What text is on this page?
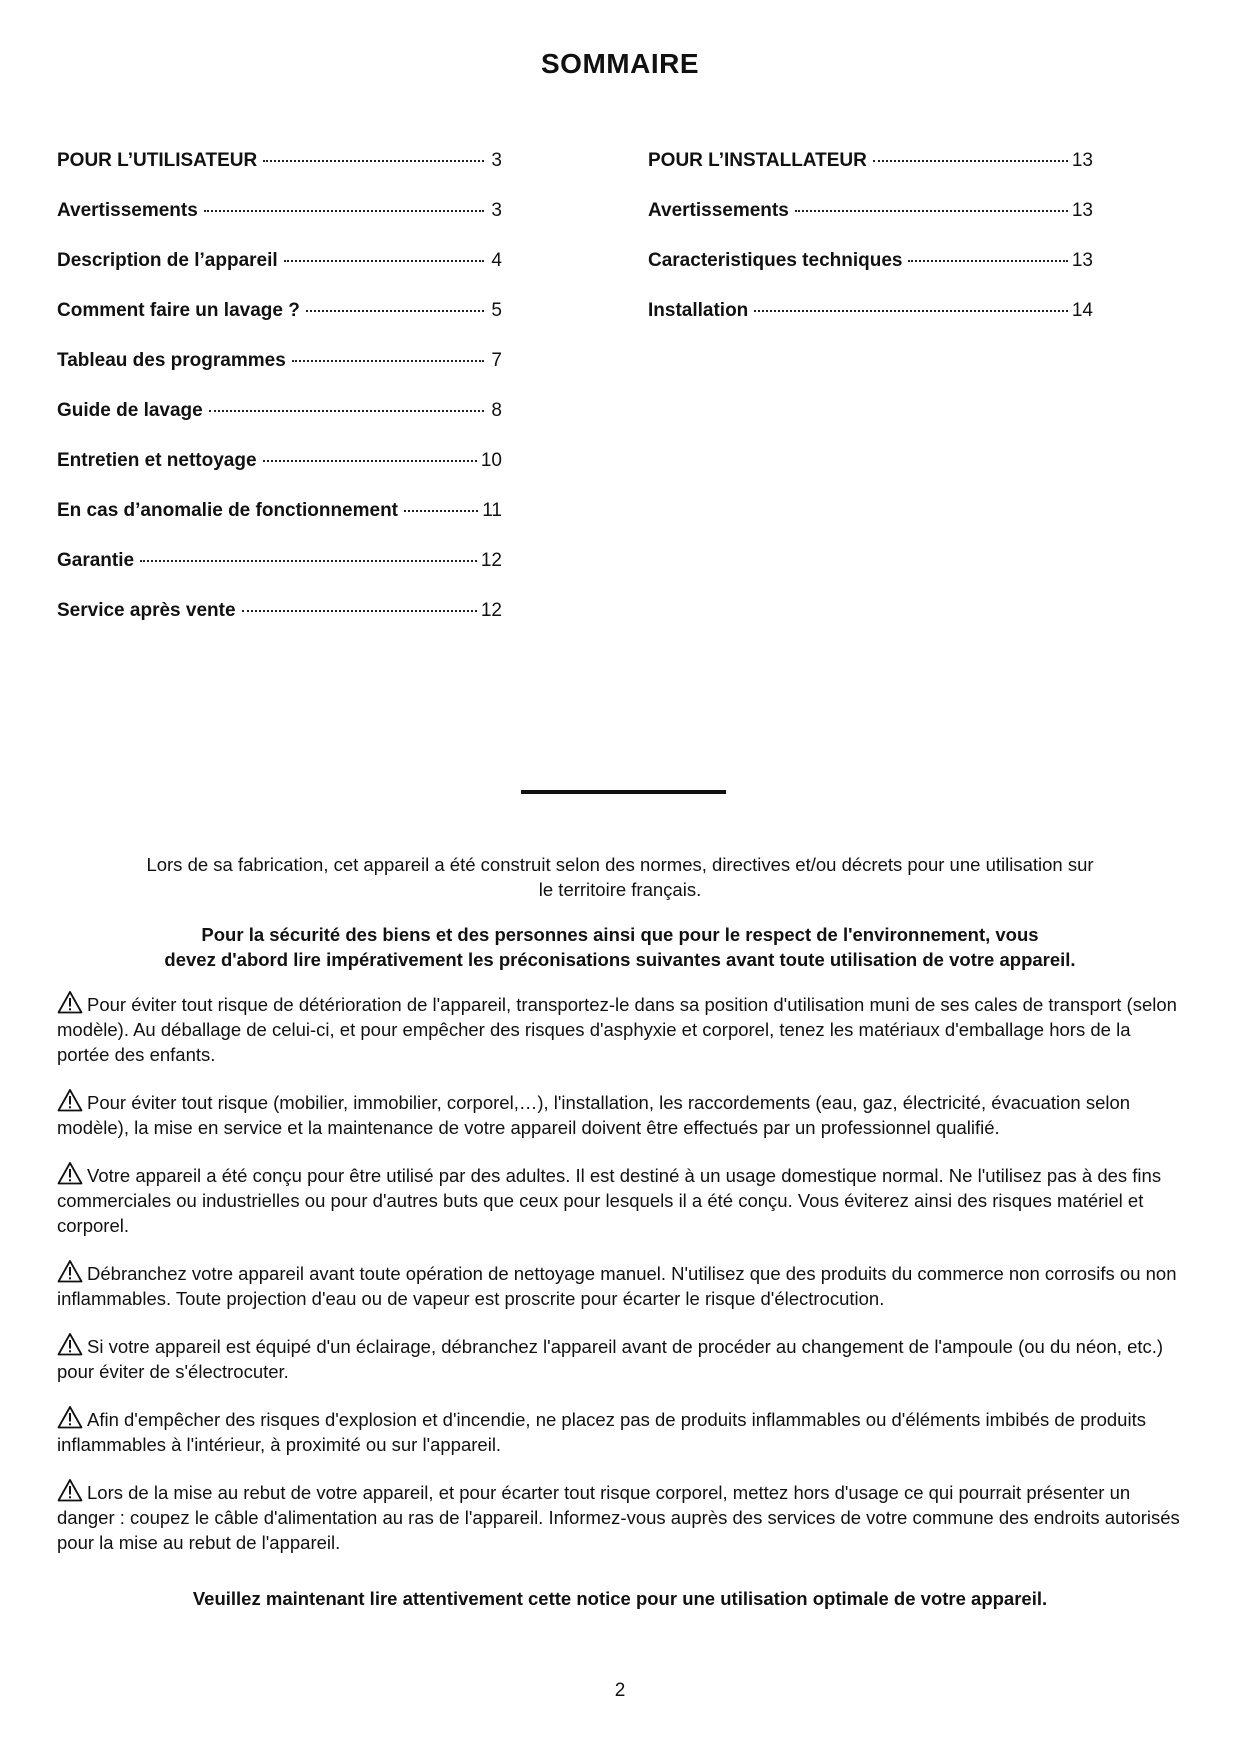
SOMMAIRE
POUR L’UTILISATEUR	3
Avertissements	3
Description de l’appareil	4
Comment faire un lavage ?	5
Tableau des programmes	7
Guide de lavage	8
Entretien et nettoyage	10
En cas d’anomalie de fonctionnement	11
Garantie	12
Service après vente	12
POUR L’INSTALLATEUR	13
Avertissements	13
Caracteristiques techniques	13
Installation	14
Lors de sa fabrication, cet appareil a été construit selon des normes, directives et/ou décrets pour une utilisation sur le territoire français.
Pour la sécurité des biens et des personnes ainsi que pour le respect de l'environnement, vous
devez d'abord lire impérativement les préconisations suivantes avant toute utilisation de votre appareil.

Pour éviter tout risque de détérioration de l'appareil, transportez-le dans sa position d'utilisation muni de ses cales de transport (selon modèle). Au déballage de celui-ci, et pour empêcher des risques d'asphyxie et corporel, tenez les matériaux d'emballage hors de la portée des enfants.

Pour éviter tout risque (mobilier, immobilier, corporel,…), l'installation, les raccordements (eau, gaz, électricité, évacuation selon modèle), la mise en service et la maintenance de votre appareil doivent être effectués par un professionnel qualifié.

Votre appareil a été conçu pour être utilisé par des adultes. Il est destiné à un usage domestique normal. Ne l'utilisez pas à des fins commerciales ou industrielles ou pour d'autres buts que ceux pour lesquels il a été conçu. Vous éviterez ainsi des risques matériel et corporel.

Débranchez votre appareil avant toute opération de nettoyage manuel. N'utilisez que des produits du commerce non corrosifs ou non inflammables. Toute projection d'eau ou de vapeur est proscrite pour écarter le risque d'électrocution.

Si votre appareil est équipé d'un éclairage, débranchez l'appareil avant de procéder au changement de l'ampoule (ou du néon, etc.) pour éviter de s'électrocuter.

Afin d'empêcher des risques d'explosion et d'incendie, ne placez pas de produits inflammables ou d'éléments imbibés de produits inflammables à l'intérieur, à proximité ou sur l'appareil.

Lors de la mise au rebut de votre appareil, et pour écarter tout risque corporel, mettez hors d'usage ce qui pourrait présenter un danger : coupez le câble d'alimentation au ras de l'appareil. Informez-vous auprès des services de votre commune des endroits autorisés pour la mise au rebut de l'appareil.

Veuillez maintenant lire attentivement cette notice pour une utilisation optimale de votre appareil.
2
